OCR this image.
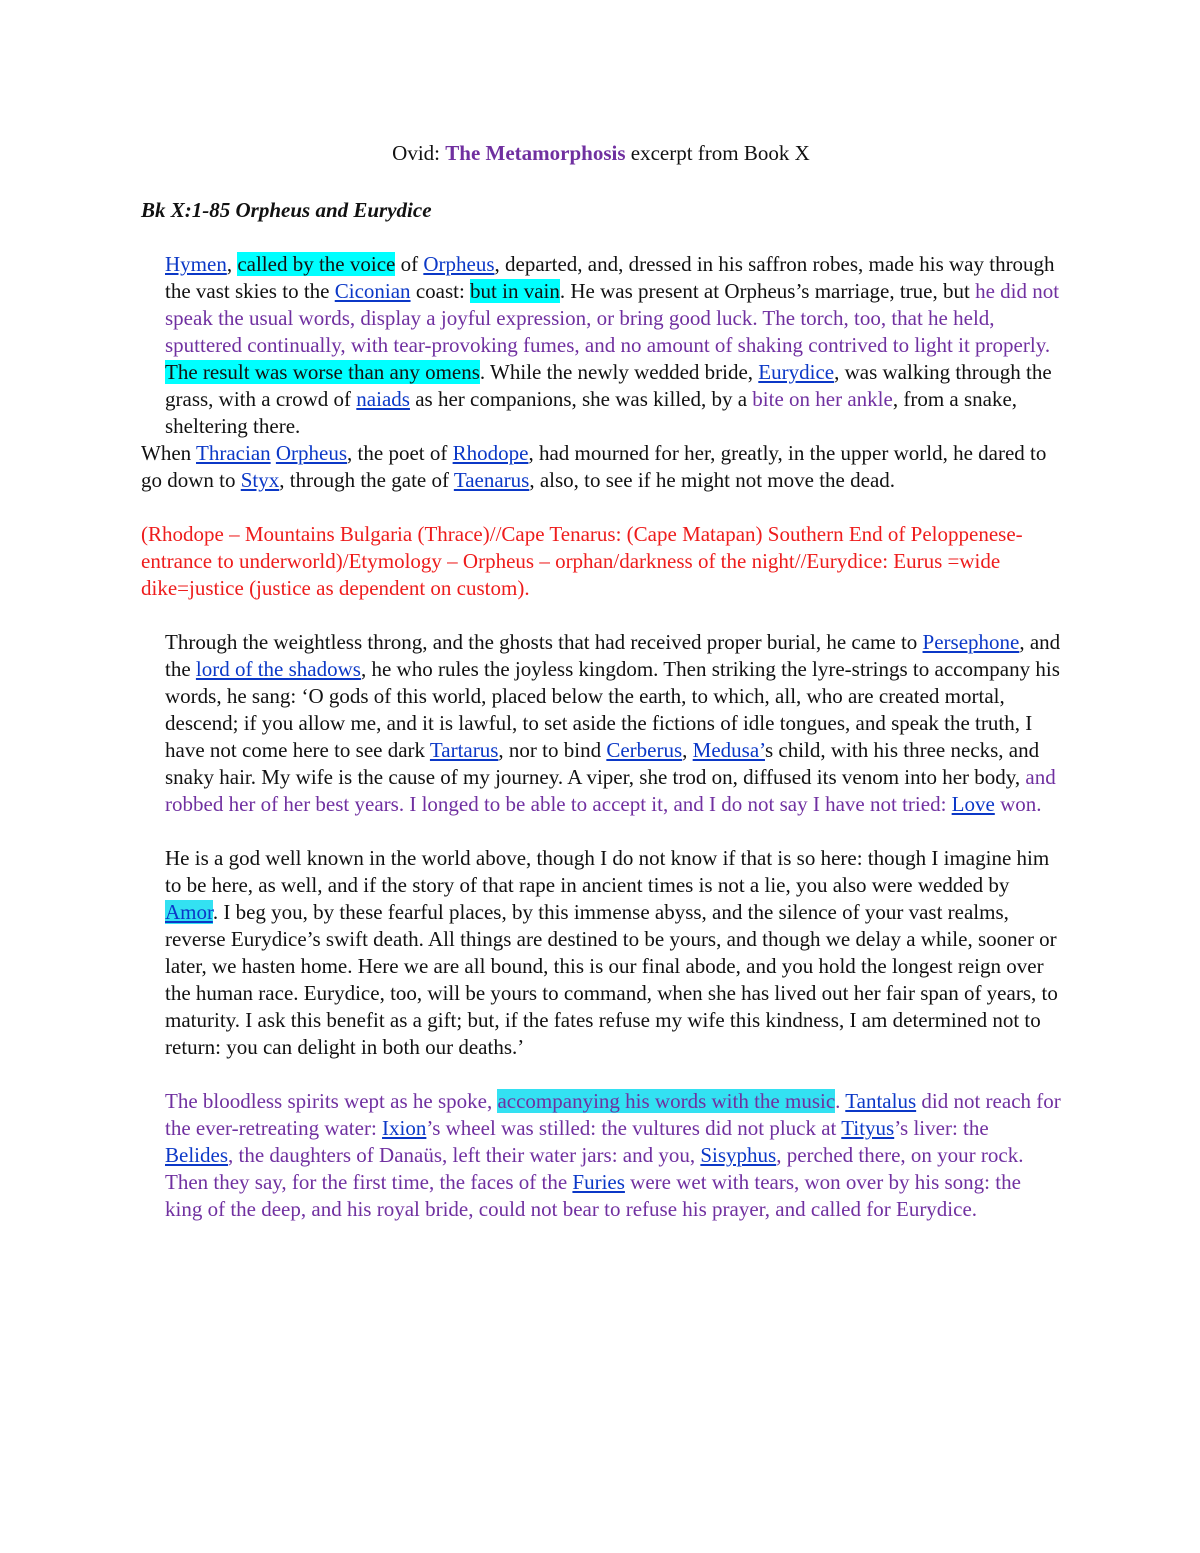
Ovid: The Metamorphosis excerpt from Book X
Bk X:1-85 Orpheus and Eurydice

Hymen, called by the voice of Orpheus, departed, and, dressed in his saffron robes, made his way through the vast skies to the Ciconian coast: but in vain. He was present at Orpheus’s marriage, true, but he did not speak the usual words, display a joyful expression, or bring good luck. The torch, too, that he held, sputtered continually, with tear-provoking fumes, and no amount of shaking contrived to light it properly. The result was worse than any omens. While the newly wedded bride, Eurydice, was walking through the grass, with a crowd of naiads as her companions, she was killed, by a bite on her ankle, from a snake, sheltering there.

When Thracian Orpheus, the poet of Rhodope, had mourned for her, greatly, in the upper world, he dared to go down to Styx, through the gate of Taenarus, also, to see if he might not move the dead.

(Rhodope – Mountains Bulgaria (Thrace)//Cape Tenarus: (Cape Matapan) Southern End of Peloppenese- entrance to underworld)/Etymology – Orpheus – orphan/darkness of the night//Eurydice: Eurus =wide dike=justice (justice as dependent on custom).

Through the weightless throng, and the ghosts that had received proper burial, he came to Persephone, and the lord of the shadows, he who rules the joyless kingdom. Then striking the lyre-strings to accompany his words, he sang: ‘O gods of this world, placed below the earth, to which, all, who are created mortal, descend; if you allow me, and it is lawful, to set aside the fictions of idle tongues, and speak the truth, I have not come here to see dark Tartarus, nor to bind Cerberus, Medusa’s child, with his three necks, and snaky hair. My wife is the cause of my journey. A viper, she trod on, diffused its venom into her body, and robbed her of her best years. I longed to be able to accept it, and I do not say I have not tried: Love won.

He is a god well known in the world above, though I do not know if that is so here: though I imagine him to be here, as well, and if the story of that rape in ancient times is not a lie, you also were wedded by Amor. I beg you, by these fearful places, by this immense abyss, and the silence of your vast realms, reverse Eurydice’s swift death. All things are destined to be yours, and though we delay a while, sooner or later, we hasten home. Here we are all bound, this is our final abode, and you hold the longest reign over the human race. Eurydice, too, will be yours to command, when she has lived out her fair span of years, to maturity. I ask this benefit as a gift; but, if the fates refuse my wife this kindness, I am determined not to return: you can delight in both our deaths.’

The bloodless spirits wept as he spoke, accompanying his words with the music. Tantalus did not reach for the ever-retreating water: Ixion’s wheel was stilled: the vultures did not pluck at Tityus’s liver: the Belides, the daughters of Danaüs, left their water jars: and you, Sisyphus, perched there, on your rock. Then they say, for the first time, the faces of the Furies were wet with tears, won over by his song: the king of the deep, and his royal bride, could not bear to refuse his prayer, and called for Eurydice.
